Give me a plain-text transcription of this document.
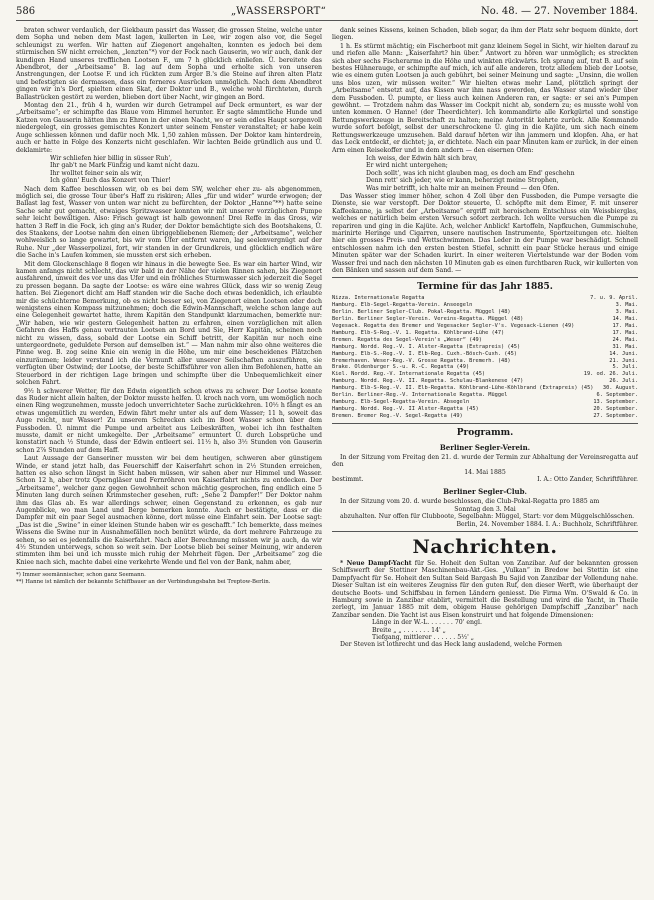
586	„WASSERSPORT“	No. 48. — 27. November 1884.

braten schwer verdaulich, der Giekbaum passirt das Wasser, die grossen Steine, welche unter dem Sopha und neben dem Mast lagen, kullerten in Lee, wir zogen also vor, die Segel schleunigst zu werfen. Wir hatten auf Ziegenort angehalten, konnten es jedoch bei dem stürmischen SW nicht erreichen, „lenzten“*) vor der Fock nach Gauserin, wo wir auch, dank der kundigen Hand unseres trefflichen Lootsen F., um 7 h glücklich einliefen. Ü. bereitete das Abendbrot, der „Arbeitsame“ B. lag auf dem Sopha und erholte sich von unseren Anstrengungen, der Lootse F. und ich rückten zum Ärger B.'s die Steine auf ihren alten Platz und befestigten sie dermassen, dass ein ferneres Ausrücken unmöglich. Nach dem Abendbrot gingen wir in's Dorf, spielten einen Skat, der Doktor und B., welche wohl fürchteten, durch Ballastrücken gestört zu werden, blieben dort über Nacht, wir gingen an Bord.

Montag den 21., früh 4 h, wurden wir durch Getrampel auf Deck ermuntert, es war der „Arbeitsame“; er schimpfte das Blaue vom Himmel herunter. Er sagte sämmtliche Hunde und Katzen von Gauserin hätten ihm zu Ehren in der einen Nacht, wo er sein edles Haupt sorgenvoll niedergelegt, ein grosses gemischtes Konzert unter seinem Fenster veranstaltet; er habe kein Auge schliessen können und dafür noch Mk. 1,50 zahlen müssen. Der Doktor kam hinterdrein, auch er hatte in Folge des Konzerts nicht geschlafen. Wir lachten Beide gründlich aus und Ü. deklamirte:

Wir schliefen hier billig in süsser Ruh',
Ihr gab't ne Mark Fünfzig und kamt nicht dazu.
Ihr wolltet feiner sein als wir,
Ich gönn' Euch das Konzert von Thier!

Nach dem Kaffee beschlossen wir, ob es bei dem SW, welcher eher zu- als abgenommen, möglich sei, die grosse Tour über's Haff zu riskiren; Alles „für und wider“ wurde erwogen; der Ballast lag fest, Wasser von unten war nicht zu befürchten, der Doktor „Hanne“**) hatte seine Sache sehr gut gemacht, etwaiges Spritzwasser konnten wir mit unserer vorzüglichen Pumpe sehr leicht bewältigen. Also: Frisch gewagt ist halb gewonnen! Drei Reffe in das Gross, wir hatten 3 Reff in die Fock, ich ging an's Ruder, der Doktor bemächtigte sich des Bootshakens, Ü. des Staakens, der Lootse nahm den einen übriggebliebenen Riemen; der „Arbeitsame“, welcher wohlweislich so lange gewartet, bis wir vom Ufer entfernt waren, lag seelenvergnügt auf der Ruhe. Nur „der Wasserpolizei, fort, wir standen in der Grundkreis, und glücklich endlich wäre die Sache in's Laufen kommen, sie mussten erst sich erheben.

Mit dem Glockenschlage 8 flogen wir hinaus in die bewegte See. Es war ein harter Wind, wir kamen anfangs nicht schlecht, das wir bald in der Nähe der vielen Rinnen sahen, bis Ziegenort ausfahrend, unweit des vor uns das Ufer und ein fröhliches Sturmwasser sich jederzeit die Segel zu pressen begann. Da sagte der Lootse: es wäre eine wahres Glück, dass wir so wenig Zeug hatten. Bei Ziegenort dicht am Haff standen wir die Sache doch etwas bedenklich, ich erlaubte mir die schüchterne Bemerkung, ob es nicht besser sei, von Ziegenort einen Lootsen oder doch wenigstens einen Kompass mitzunehmen; doch die Edwin-Mannschaft, welche schon lange auf eine Gelegenheit gewartet hatte, ihrem Kapitän den Standpunkt klarzumachen, bemerkte nur: „Wir haben, wie wir gestern Gelegenheit hatten zu erfahren, einen vorzüglichen mit allen Gefahren des Haffs genau vertrauten Lootsen an Bord und Sie, Herr Kapitän, scheinen noch nicht zu wissen, dass, sobald der Lootse ein Schiff betritt, der Kapitän nur noch eine untergeordnete, geduldete Person auf demselben ist.“ — Man nahm mir also ohne weiteres die Pinne weg. B. zog seine Knie ein wenig in die Höhe, um mir eine bescheidenes Plätzchen einzuräumen; leider verstand ich die Vernunft aller unserer Seilschaften auszuführen, sie verfügten über Ostwind; der Lootse, der beste Schiffsführer von allen ihm Befohlenen, hatte an Steuerbord in der richtigen Lage bringen und schimpfte über die Unbequemlichkeit einer solchen Fahrt.

9½ h schwerer Wetter, für den Edwin eigentlich schon etwas zu schwer. Der Lootse konnte das Ruder nicht allein halten, der Doktor musste helfen. Ü. kroch nach vorn, um womöglich noch einen Ring wegzunehmen, musste jedoch unverrichteter Sache zurückkehren. 10½ h fängt es an etwas ungemütlich zu werden, Edwin fährt mehr unter als auf dem Wasser; 11 h, soweit das Auge reicht, nur Wasser! Zu unserem Schrecken sich im Boot Wasser schon über dem Fussboden. Ü. nimmt die Pumpe und arbeitet aus Leibeskräften, wobei ich ihn festhalten musste, damit er nicht umkegelte. Der „Arbeitsame“ ermuntert Ü. durch Lobsprüche und konstatirt nach ½ Stunde, dass der Edwin entleert sei. 11½ h, also 3½ Stunden von Gauserin schon 2⅞ Stunden auf dem Haff.

Laut Aussage der Ganseriner mussten wir bei dem heutigen, schweren aber günstigem Winde, er stand jetzt halb, das Feuerschiff der Kaiserfahrt schon in 2½ Stunden erreichen, hatten es also schon längst in Sicht haben müssen, wir sahen aber nur Himmel und Wasser. Schon 12 h, aber trotz Operngläser und Fernröhren von Kaiserfahrt nichts zu entdecken. Der „Arbeitsame“, welcher ganz gegen Gewohnheit schon mächtig gesprochen, fing endlich eine 5 Minuten lang durch seinen Krimmstecher gesehen, ruft: „Sehe 2 Dampfer!“ Der Doktor nahm ihm das Glas ab. Es war allerdings schwer, einen Gegenstand zu erkennen, es gab nur Augenblicke, wo man Land und Berge bemerken konnte. Auch er bestätigte, dass er die Dampfer mit ein paar Segel ausmachen könne, dort müsse eine Einfahrt sein. Der Lootse sagt: „Das ist die „Swine“ in einer kleinen Stunde haben wir es geschafft.“ Ich bemerkte, dass meines Wissens die Swine nur in Ausnahmefällen noch benützt würde, da dort mehrere Fahrzeuge zu sehen, so sei es jedenfalls die Kaiserfahrt. Nach aller Berechnung müssten wir ja auch, da wir 4½ Stunden unterwegs, schon so weit sein. Der Lootse blieb bei seiner Meinung, wir anderen stimmten ihm bei und ich musste mich ruhig der Mehrheit fügen. Der „Arbeitsame“ zog die Kniee nach sich, machte dabei eine verkehrte Wende und fiel von der Bank, nahm aber,

*) Immer seemännischer, schon ganz Seemann.
**) Hanne ist nämlich der bekannte Schiffbauer an der Verbindungsbahn bei Treptow-Berlin.

dank seines Kissens, keinen Schaden, blieb sogar, da ihm der Platz sehr bequem dünkte, dort liegen.

1 h. Es stürmt mächtig; ein Fischerboot mit ganz kleinem Segel in Sicht, wir hielten darauf zu und riefen alle Mann: „Kaiserfahrt? hin über.“ Antwort zu hören war unmöglich; es streckten sich aber sechs Fischerarme in die Höhe und winkten rückwärts. Ich sprang auf, trat B. auf sein bestes Hühnerauge, er schimpfte auf mich, ich auf alle anderen, trotz alledem blieb der Lootse, wie es einem guten Lootsen ja auch gebührt, bei seiner Meinung und sagte: „Unsinn, die wollen uns blos uzen, wir müssen weiter.“ Wir hielten etwas mehr Land, plötzlich springt der „Arbeitsame“ entsetzt auf, das Kissen war ihm nass geworden, das Wasser stand wieder über dem Fussboden. Ü. pumpte, er liess auch keinen Anderen ran, er sagte: er sei an's Pumpen gewöhnt. — Trotzdem nahm das Wasser im Cockpit nicht ab, sondern zu; es musste wohl von unten kommen. O Hanne! (der Theerdichter). Ich kommandirte alle Korkgürtel und sonstige Rettungswerkzeuge in Bereitschaft zu halten; meine Autorität kehrte zurück. Alle Kommando wurde sofort befolgt, selbst der unerschrockene Ü. ging in die Kajüte, um sich nach einem Rettungswerkzeuge umzusehen. Bald darauf hörten wir ihn jammern und klopfen. Aha, er hat das Leck entdeckt, er dichtet; ja, er dichtete. Nach ein paar Minuten kam er zurück, in der einen Arm einen Reisekoffer und in dem andern — den eisernen Ofen:

Ich weiss, der Edwin hält sich brav,
Er wird nicht untergehen;
Doch sollt', was ich nicht glauben mag, es doch am End' geschehn
Denn rett' sich jeder, wie er kann, beherzigt meine Strophen,
Was mir betrifft, ich halte mir an meinen Freund — den Ofen.

Das Wasser stieg immer höher, schon 4 Zoll über den Fussboden, die Pumpe versagte die Dienste, sie war verstopft. Der Doktor steuerte, Ü. schöpfte mit dem Eimer, F. mit unserer Kaffeekanne, ja selbst der „Arbeitsame“ ergriff mit heroischem Entschluss ein Weissbierglas, welches er natürlich beim ersten Versuch sofort zerbrach. Ich wollte versuchen die Pumpe zu repariren und ging in die Kajüte. Ach, welcher Anblick! Kartoffeln, Napfkuchen, Gummischuhe, marinirte Heringe und Cigarren, unsere nautischen Instrumente, Sportzeitungen etc. hielten hier ein grosses Preis- und Wettschwimmen. Das Leder in der Pumpe war beschädigt. Schnell entschlossen nahm ich den ersten besten Stiefel, schnitt ein paar Stücke heraus und einige Minuten später war der Schaden kurirt. In einer weiteren Viertelstunde war der Boden vom Wasser frei und nach den nächsten 10 Minuten gab es einen furchtbaren Ruck, wir kullerten von den Bänken und sassen auf dem Sand. —

Termine für das Jahr 1885.
Nizza. Internationale Regatta	7. u. 9. April.
Hamburg. Elb-Segel-Regatta-Verein. Anseegeln	3. Mai.
Berlin. Berliner Segler-Club. Pokal-Regatta. Müggel (48)	3. Mai.
Berlin. Berliner Segler-Verein. Vereins-Regatta. Müggel (48)	14. Mai.
Vegesack. Regatta des Bremer und Vegesacker Segler-V's. Vegesack-Lienen (49)	17. Mai.
Hamburg. Elb-S-Reg.-V. 1. Regatta. Köhlbrand-Lühe (47)	17. Mai.
Bremen. Regatta des Segel-Verein's „Weser“ (49)	24. Mai.
Hamburg. Nordd. Reg.-V. I. Alster-Regatta (Extrapreis) (45)	31. Mai.
Hamburg. Elb-S.-Reg.-V. I. Elb-Reg. Cuxh.-Bösch-Cuxh. (45)	14. Juni.
Bremerhaven. Weser-Reg.-V. Grosse Regatta. Bremerh. (48)	21. Juni.
Brake. Oldenburger S.-u. R.-C. Regatta (49)	5. Juli.
Kiel. Nordd. Reg.-V. Internationale Regatta (45)	19. od. 26. Juli.
Hamburg. Nordd. Reg.-V. II. Regatta. Schulau-Blankenese (47)	26. Juli.
Hamburg. Elb-S-Reg.-V. II. Elb-Regatta. Köhlbrand-Lühe-Köhlbrand (Extrapreis) (45)	30. August.
Berlin. Berliner-Reg.-V. Internationale Regatta. Müggel	6. September.
Hamburg. Elb-Segel-Regatta-Verein. Absegeln	13. September.
Hamburg. Nordd. Reg.-V. II Alster-Regatta (45)	20. September.
Bremen. Bremer Reg.-V. Segel-Regatta (49)	27. September.
Programm.
Berliner Segler-Verein.

In der Sitzung vom Freitag den 21. d. wurde der Termin zur Abhaltung der Vereinsregatta auf den

14. Mai 1885
bestimmt.	I. A.: Otto Zander, Schriftführer.
Berliner Segler-Club.

In der Sitzung vom 20. d. wurde beschlossen, die Club-Pokal-Regatta pro 1885 am

Sonntag den 3. Mai

abzuhalten. Nur offen für Clubboote, Segelbahn: Müggel, Start: vor dem Müggelschlösschen.

Berlin, 24. November 1884. I. A.: Buchholz, Schriftführer.
Nachrichten.

* Neue Dampf-Yacht für Se. Hoheit den Sultan von Zanzibar. Auf der bekannten grossen Schiffswerft der Stettiner Maschinenbau-Akt.-Ges. „Vulkan“ in Bredow bei Stettin ist eine Dampfyacht für Se. Hoheit den Sultan Seid Bargash Bu Sajid von Zanzibar der Vollendung nahe. Dieser Sultan ist ein weiteres Zeugniss für den guten Ruf, den dieser Werft, wie überhaupt der deutsche Boots- und Schiffsbau in fernen Ländern geniesst. Die Firma Wm. O'Swald & Co. in Hamburg sowie in Zanzibar etablirt, vermittelt die Bestellung und wird die Yacht, in Theile zerlegt, im Januar 1885 mit dem, obigem Hause gehörigen Dampfschiff „Zanzibar“ nach Zanzibar senden. Die Yacht ist aus Eisen konstruirt und hat folgende Dimensionen:

Länge in der W.-L. . . . . . . 70' engl.
Breite „ „ . . . . . . . 14' „
Tiefgang, mittlerer . . . . . . 5½' „

Der Steven ist lothrecht und das Heck lang ausladend, welche Formen
